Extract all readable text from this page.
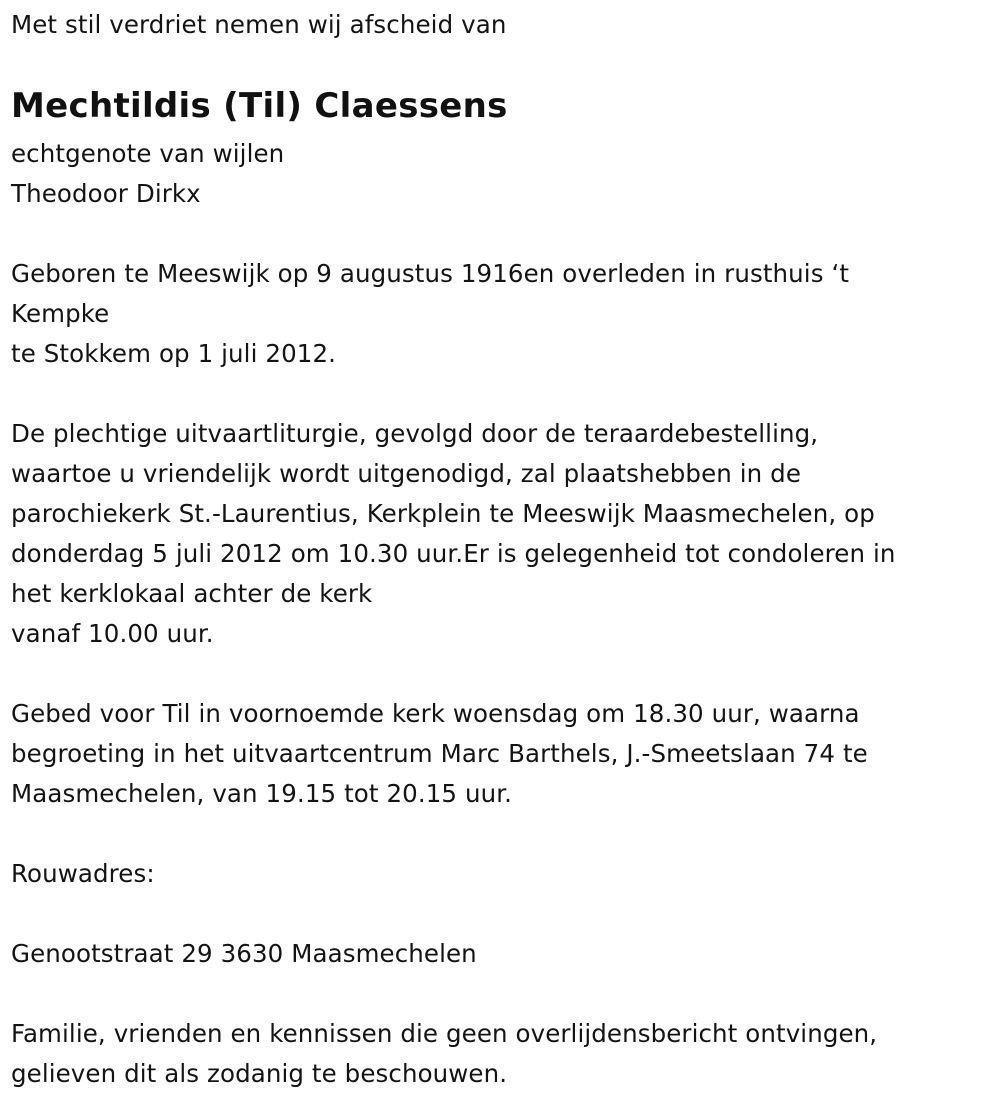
Met stil verdriet nemen wij afscheid van
Mechtildis (Til) Claessens
echtgenote van wijlen
Theodoor Dirkx
Geboren te Meeswijk op 9 augustus 1916en overleden in rusthuis ‘t
Kempke
te Stokkem op 1 juli 2012.
De plechtige uitvaartliturgie, gevolgd door de teraardebestelling,
waartoe u vriendelijk wordt uitgenodigd, zal plaatshebben in de
parochiekerk St.-Laurentius, Kerkplein te Meeswijk Maasmechelen, op
donderdag 5 juli 2012 om 10.30 uur.Er is gelegenheid tot condoleren in
het kerklokaal achter de kerk
vanaf 10.00 uur.
Gebed voor Til in voornoemde kerk woensdag om 18.30 uur, waarna
begroeting in het uitvaartcentrum Marc Barthels, J.-Smeetslaan 74 te
Maasmechelen, van 19.15 tot 20.15 uur.
Rouwadres:
Genootstraat 29 3630 Maasmechelen
Familie, vrienden en kennissen die geen overlijdensbericht ontvingen,
gelieven dit als zodanig te beschouwen.
